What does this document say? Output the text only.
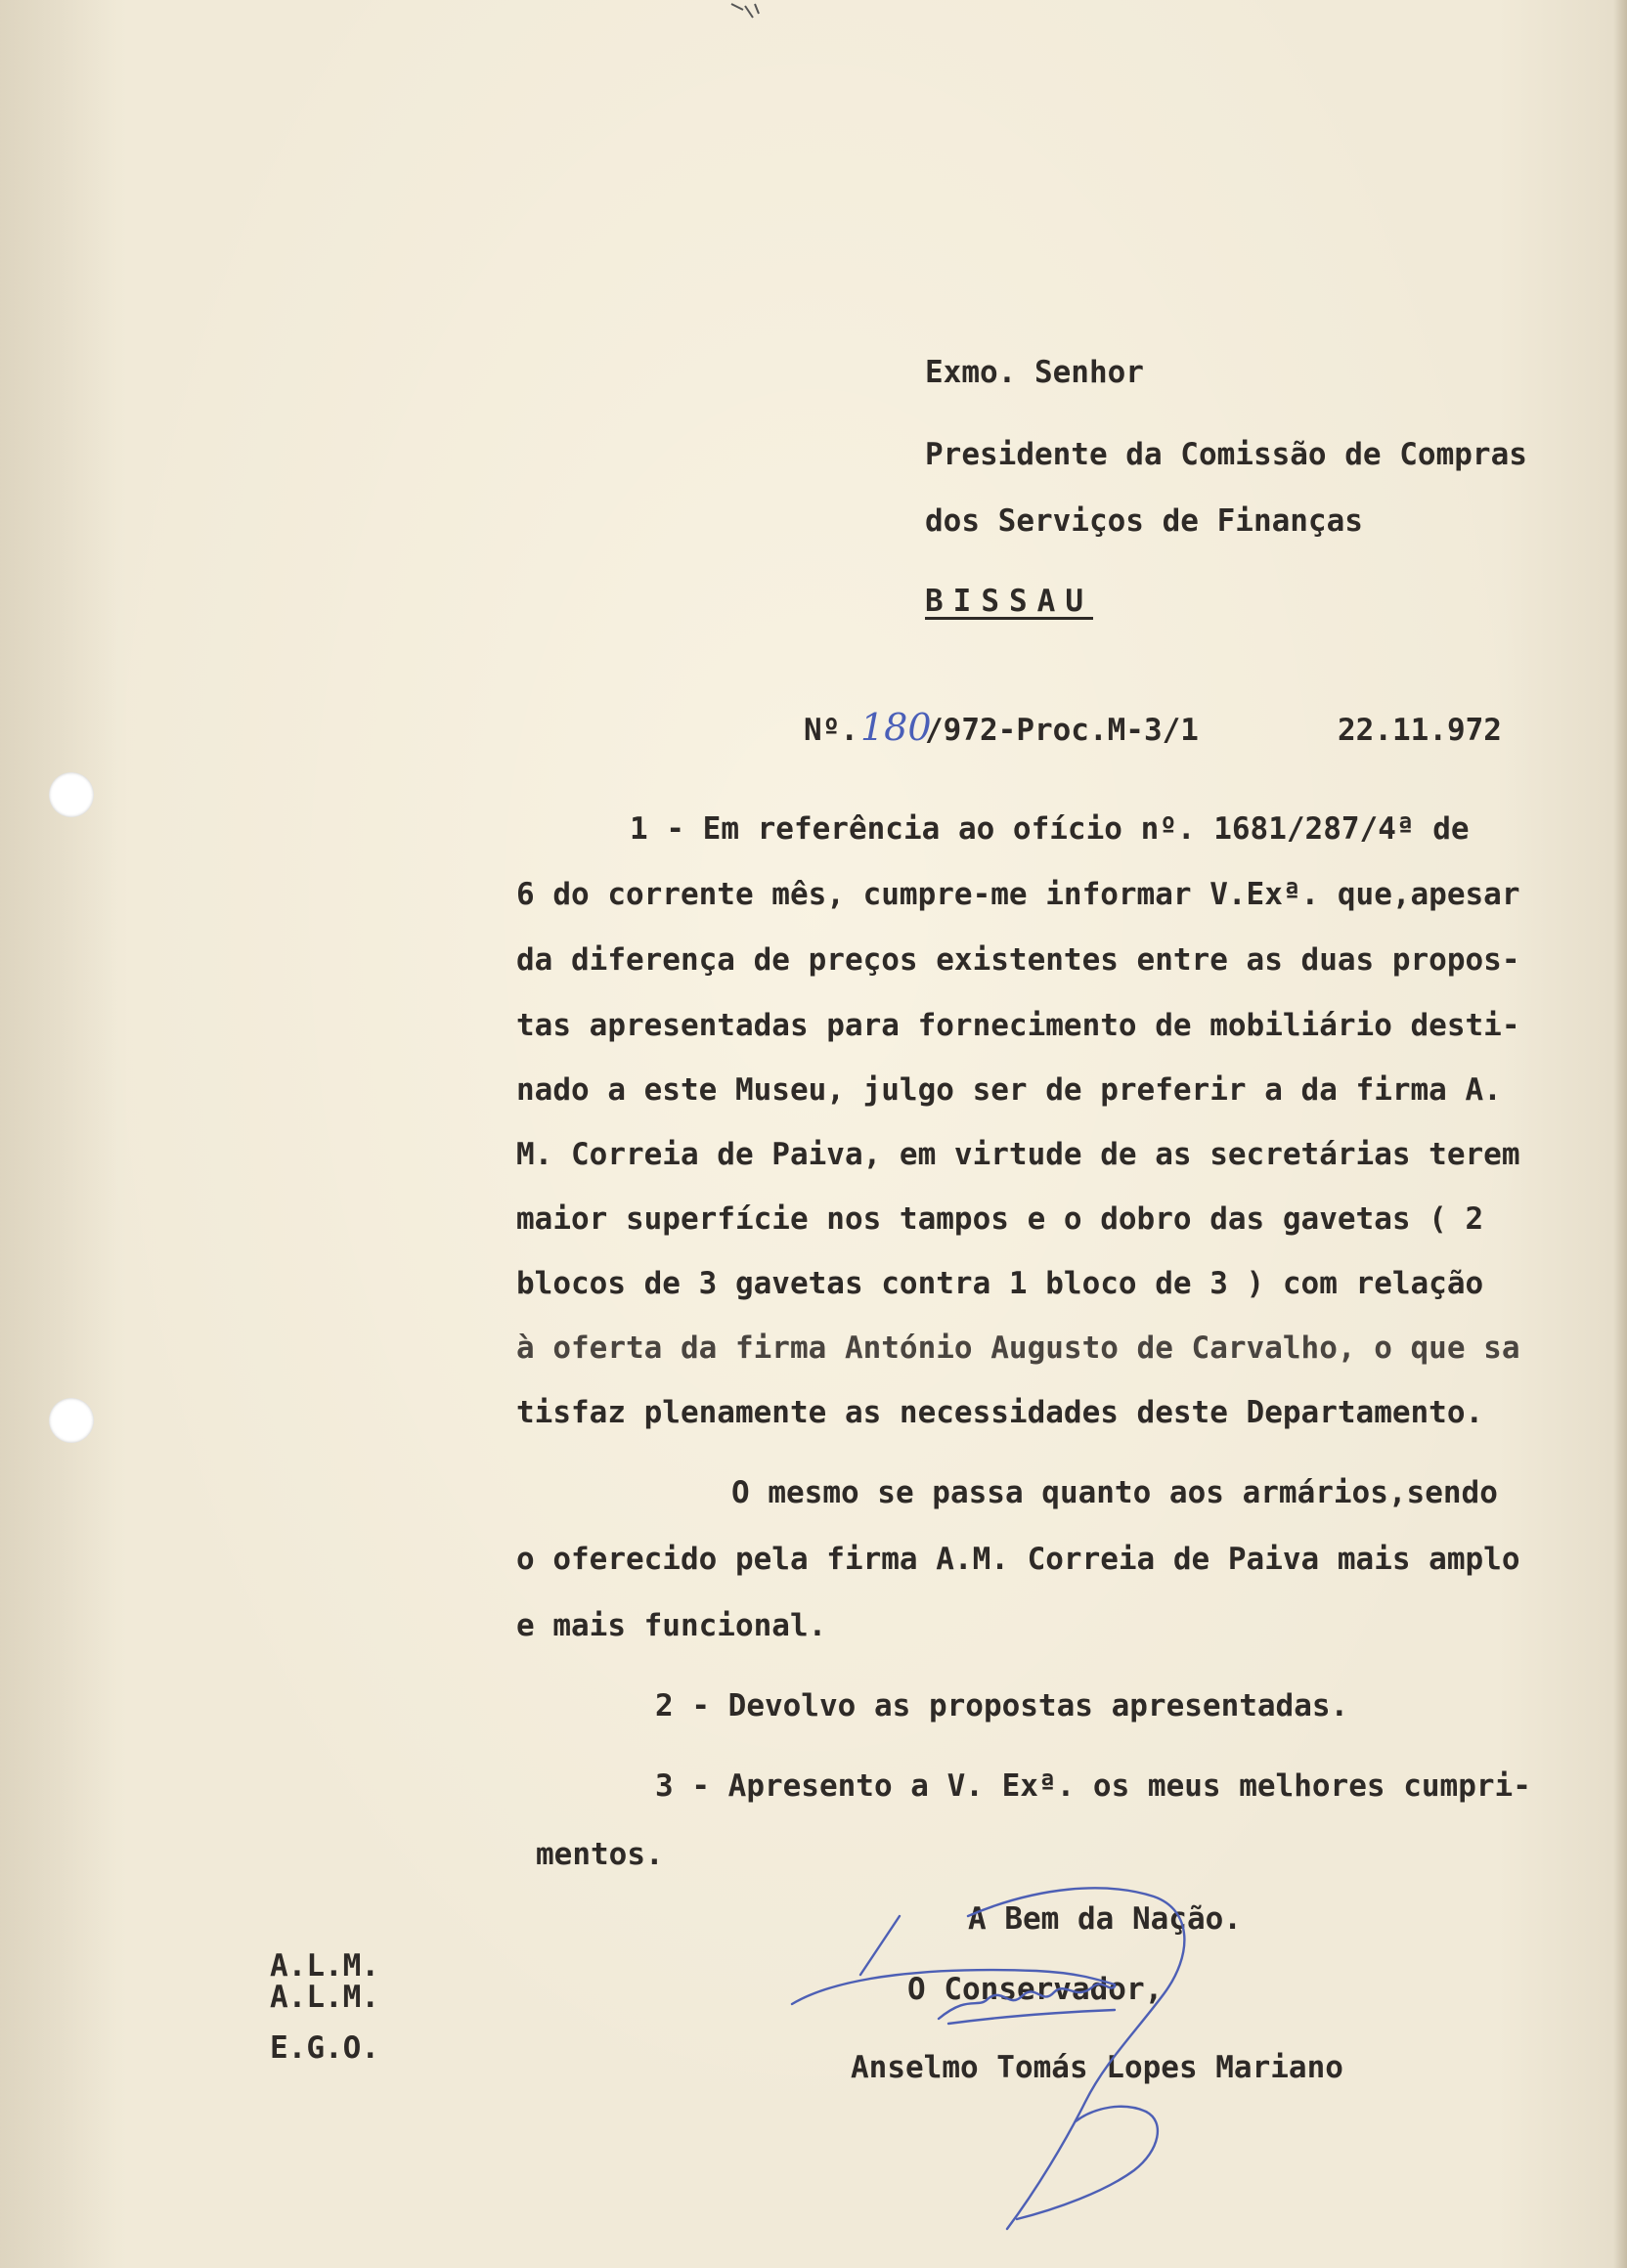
Exmo. Senhor
Presidente da Comissão de Compras
dos Serviços de Finanças
BISSAU
Nº. 180
/972-Proc.M-3/1	22.11.972
1 - Em referência ao ofício nº. 1681/287/4ª de
6 do corrente mês, cumpre-me informar V.Exª. que,apesar
da diferença de preços existentes entre as duas propos-
tas apresentadas para fornecimento de mobiliário desti-
nado a este Museu, julgo ser de preferir a da firma A.
M. Correia de Paiva, em virtude de as secretárias terem
maior superfície nos tampos e o dobro das gavetas ( 2
blocos de 3 gavetas contra 1 bloco de 3 ) com relação
à oferta da firma António Augusto de Carvalho, o que sa
tisfaz plenamente as necessidades deste Departamento.
O mesmo se passa quanto aos armários,sendo
o oferecido pela firma A.M. Correia de Paiva mais amplo
e mais funcional.
2 - Devolvo as propostas apresentadas.
3 - Apresento a V. Exª. os meus melhores cumpri-
mentos.
A Bem da Nação.
O Conservador,
Anselmo Tomás Lopes Mariano
A.L.M.
A.L.M.
E.G.O.
